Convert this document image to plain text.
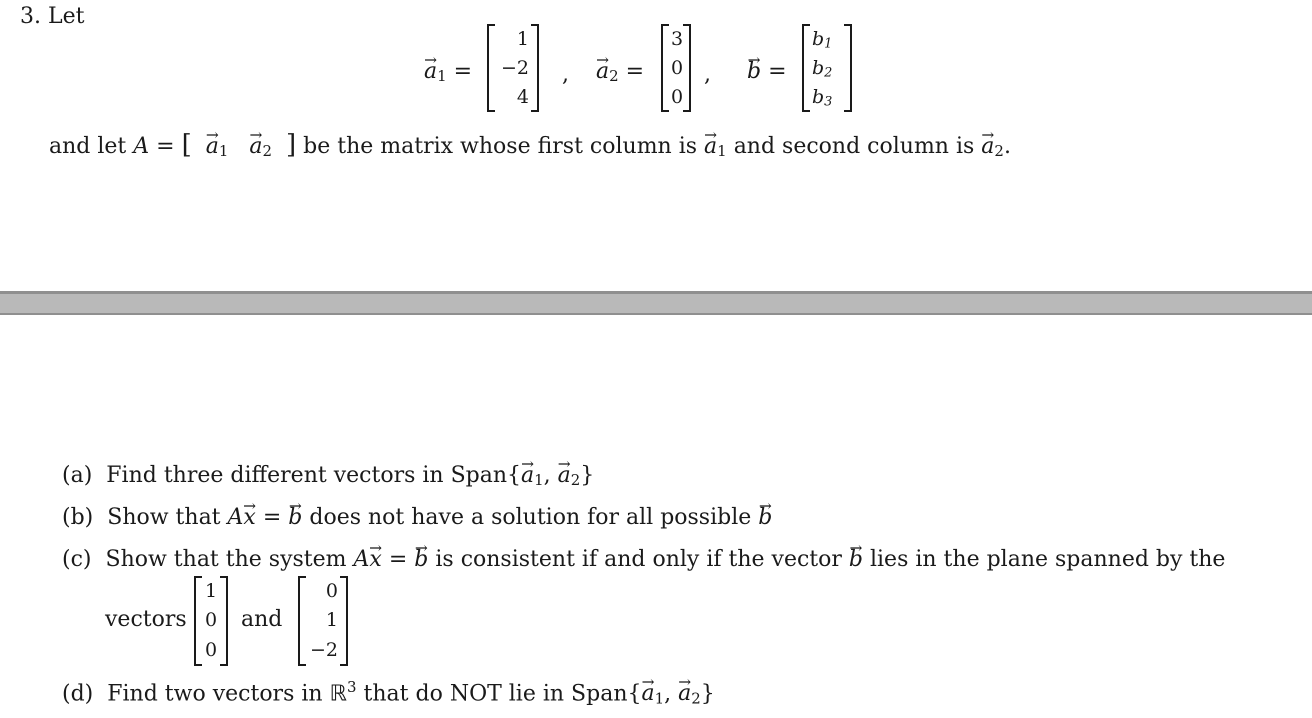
3. Let
→ $a_1$ =
1
−2
4
, → $a_2$ =
3
0
0
, → b =
$b_1$
$b_2$
$b_3$
and let A = [ → $a_1 \to a_2$ ] be the matrix whose first column is → $a_1$ and second column is → $a_2$.
(a) Find three different vectors in Span{→ $a_1$, → $a_2$}
(b) Show that A→ x = → b does not have a solution for all possible → b
(c) Show that the system A→ x = → b is consistent if and only if the vector → b lies in the plane spanned by the
vectors
1
0
0
and
0
1
−2
(d) Find two vectors in ℝ$^3$ that do NOT lie in Span{→ $a_1$, → $a_2$}
